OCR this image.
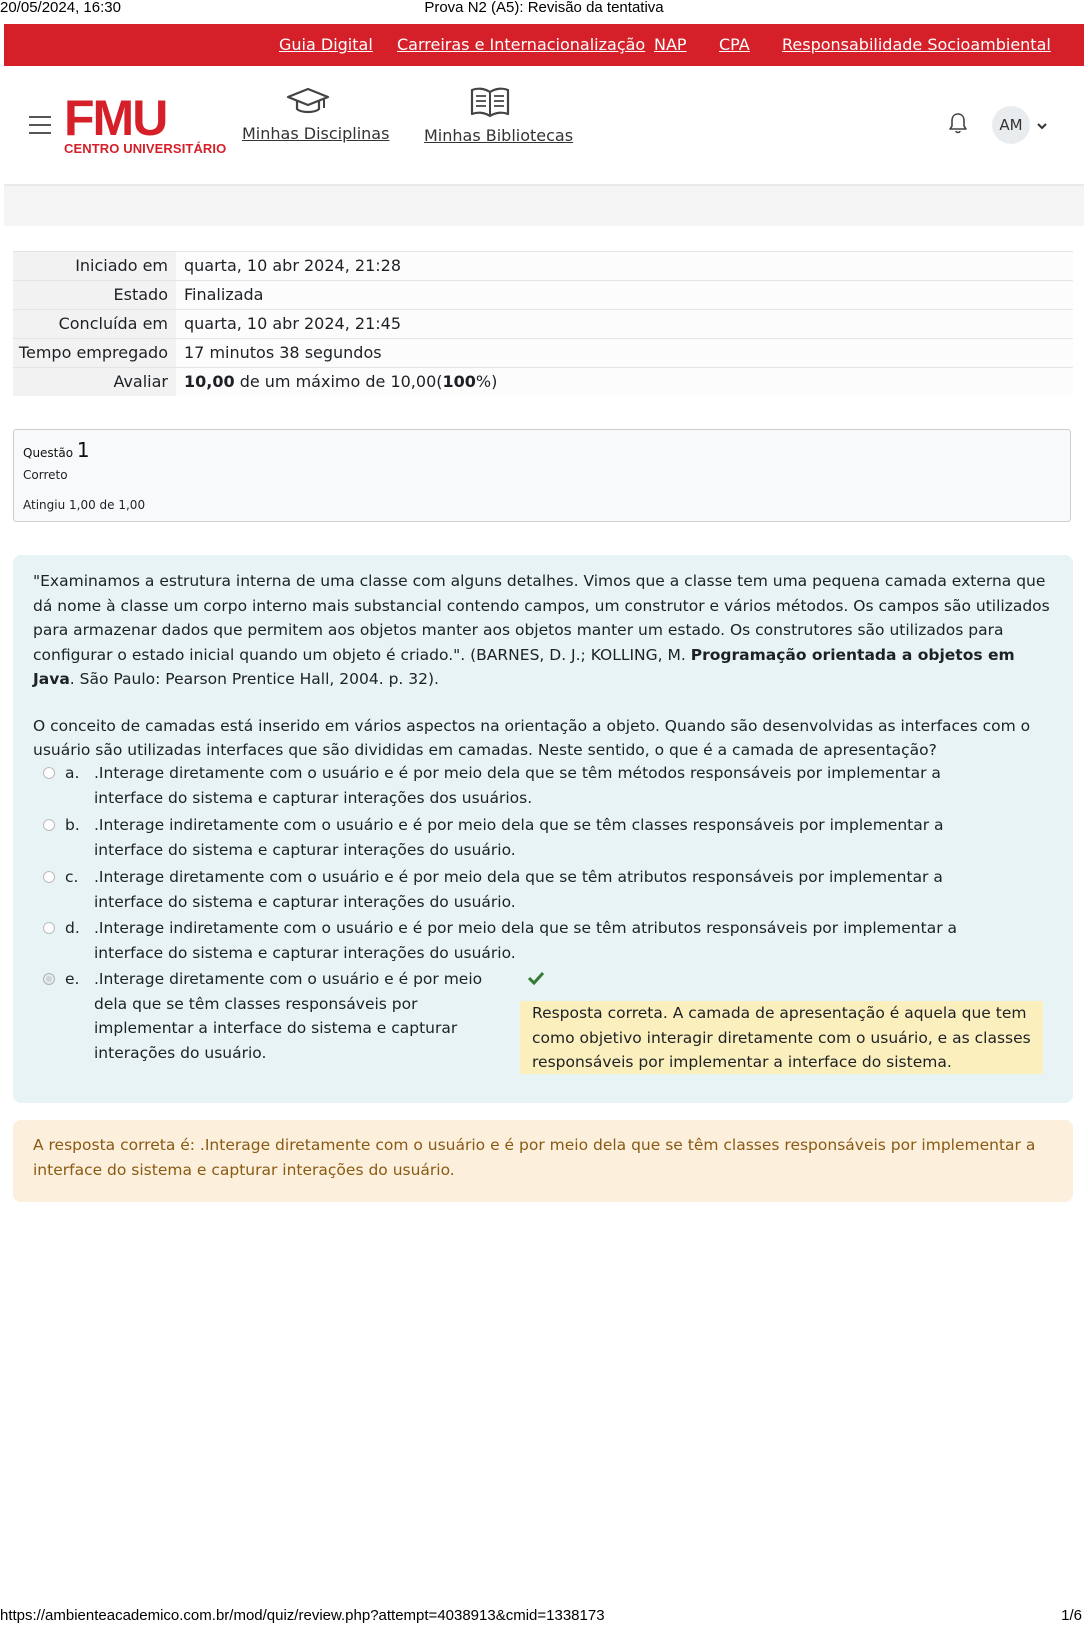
20/05/2024, 16:30	Prova N2 (A5): Revisão da tentativa
Guia Digital Carreiras e Internacionalização NAP CPA Responsabilidade Socioambiental
FMU
CENTRO UNIVERSITÁRIO
Minhas Disciplinas Minhas Bibliotecas
AM
Iniciado em	quarta, 10 abr 2024, 21:28
Estado	Finalizada
Concluída em	quarta, 10 abr 2024, 21:45
Tempo empregado	17 minutos 38 segundos
Avaliar	10,00 de um máximo de 10,00(100%)
Questão 1
Correto
Atingiu 1,00 de 1,00

"Examinamos a estrutura interna de uma classe com alguns detalhes. Vimos que a classe tem uma pequena camada externa que dá nome à classe um corpo interno mais substancial contendo campos, um construtor e vários métodos. Os campos são utilizados para armazenar dados que permitem aos objetos manter aos objetos manter um estado. Os construtores são utilizados para configurar o estado inicial quando um objeto é criado.". (BARNES, D. J.; KOLLING, M. Programação orientada a objetos em Java. São Paulo: Pearson Prentice Hall, 2004. p. 32).

O conceito de camadas está inserido em vários aspectos na orientação a objeto. Quando são desenvolvidas as interfaces com o usuário são utilizadas interfaces que são divididas em camadas. Neste sentido, o que é a camada de apresentação?

a. .Interage diretamente com o usuário e é por meio dela que se têm métodos responsáveis por implementar a interface do sistema e capturar interações dos usuários.
b. .Interage indiretamente com o usuário e é por meio dela que se têm classes responsáveis por implementar a interface do sistema e capturar interações do usuário.
c. .Interage diretamente com o usuário e é por meio dela que se têm atributos responsáveis por implementar a interface do sistema e capturar interações do usuário.
d. .Interage indiretamente com o usuário e é por meio dela que se têm atributos responsáveis por implementar a interface do sistema e capturar interações do usuário.
e. .Interage diretamente com o usuário e é por meio dela que se têm classes responsáveis por implementar a interface do sistema e capturar interações do usuário.
Resposta correta. A camada de apresentação é aquela que tem como objetivo interagir diretamente com o usuário, e as classes responsáveis por implementar a interface do sistema.
A resposta correta é: .Interage diretamente com o usuário e é por meio dela que se têm classes responsáveis por implementar a interface do sistema e capturar interações do usuário.
https://ambienteacademico.com.br/mod/quiz/review.php?attempt=4038913&cmid=1338173	1/6
